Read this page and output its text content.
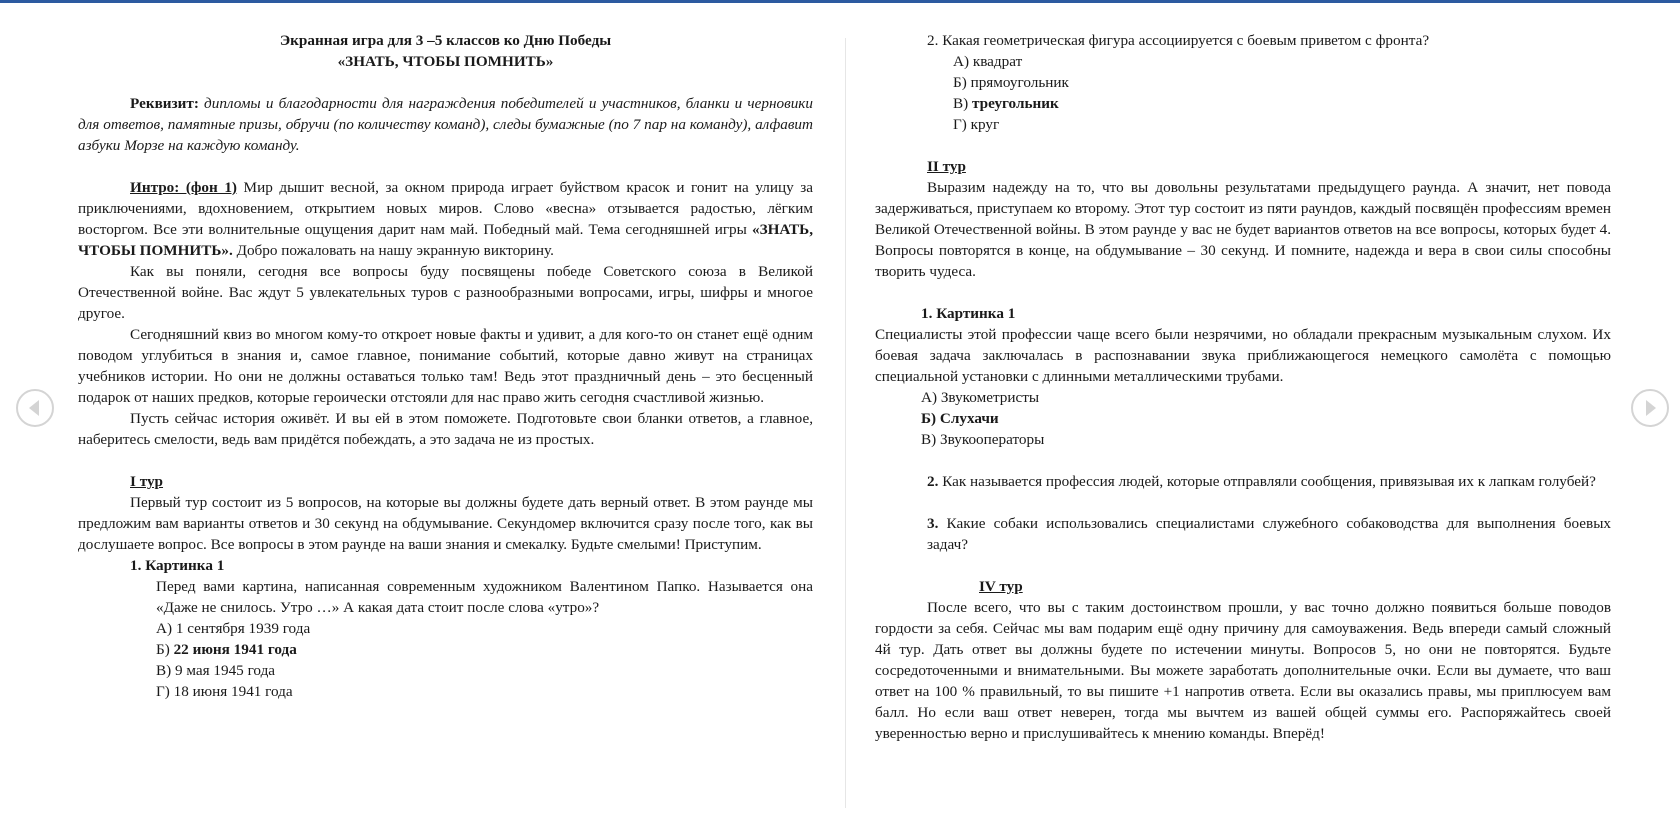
Экранная игра для 3 –5 классов ко Дню Победы

«ЗНАТЬ, ЧТОБЫ ПОМНИТЬ»

Реквизит: дипломы и благодарности для награждения победителей и участников, бланки и черновики для ответов, памятные призы, обручи (по количеству команд), следы бумажные (по 7 пар на команду), алфавит азбуки Морзе на каждую команду.

Интро: (фон 1) Мир дышит весной, за окном природа играет буйством красок и гонит на улицу за приключениями, вдохновением, открытием новых миров. Слово «весна» отзывается радостью, лёгким восторгом. Все эти волнительные ощущения дарит нам май. Победный май. Тема сегодняшней игры «ЗНАТЬ, ЧТОБЫ ПОМНИТЬ». Добро пожаловать на нашу экранную викторину.

Как вы поняли, сегодня все вопросы буду посвящены победе Советского союза в Великой Отечественной войне. Вас ждут 5 увлекательных туров с разнообразными вопросами, игры, шифры и многое другое.

Сегодняшний квиз во многом кому-то откроет новые факты и удивит, а для кого-то он станет ещё одним поводом углубиться в знания и, самое главное, понимание событий, которые давно живут на страницах учебников истории. Но они не должны оставаться только там! Ведь этот праздничный день – это бесценный подарок от наших предков, которые героически отстояли для нас право жить сегодня счастливой жизнью.

Пусть сейчас история оживёт. И вы ей в этом поможете. Подготовьте свои бланки ответов, а главное, наберитесь смелости, ведь вам придётся побеждать, а это задача не из простых.

I тур

Первый тур состоит из 5 вопросов, на которые вы должны будете дать верный ответ. В этом раунде мы предложим вам варианты ответов и 30 секунд на обдумывание. Секундомер включится сразу после того, как вы дослушаете вопрос. Все вопросы в этом раунде на ваши знания и смекалку. Будьте смелыми! Приступим.

1. Картинка 1

Перед вами картина, написанная современным художником Валентином Папко. Называется она «Даже не снилось. Утро …» А какая дата стоит после слова «утро»?

А) 1 сентября 1939 года

Б) 22 июня 1941 года

В) 9 мая 1945 года

Г) 18 июня 1941 года

2. Какая геометрическая фигура ассоциируется с боевым приветом с фронта?

А) квадрат

Б) прямоугольник

В) треугольник

Г) круг

II тур

Выразим надежду на то, что вы довольны результатами предыдущего раунда. А значит, нет повода задерживаться, приступаем ко второму. Этот тур состоит из пяти раундов, каждый посвящён профессиям времен Великой Отечественной войны. В этом раунде у вас не будет вариантов ответов на все вопросы, которых будет 4. Вопросы повторятся в конце, на обдумывание – 30 секунд. И помните, надежда и вера в свои силы способны творить чудеса.

1. Картинка 1

Специалисты этой профессии чаще всего были незрячими, но обладали прекрасным музыкальным слухом. Их боевая задача заключалась в распознавании звука приближающегося немецкого самолёта с помощью специальной установки с длинными металлическими трубами.

А) Звукометристы

Б) Слухачи

В) Звукооператоры

2. Как называется профессия людей, которые отправляли сообщения, привязывая их к лапкам голубей?

3. Какие собаки использовались специалистами служебного собаководства для выполнения боевых задач?

IV тур

После всего, что вы с таким достоинством прошли, у вас точно должно появиться больше поводов гордости за себя. Сейчас мы вам подарим ещё одну причину для самоуважения. Ведь впереди самый сложный 4й тур. Дать ответ вы должны будете по истечении минуты. Вопросов 5, но они не повторятся. Будьте сосредоточенными и внимательными. Вы можете заработать дополнительные очки. Если вы думаете, что ваш ответ на 100 % правильный, то вы пишите +1 напротив ответа. Если вы оказались правы, мы приплюсуем вам балл. Но если ваш ответ неверен, тогда мы вычтем из вашей общей суммы его. Распоряжайтесь своей уверенностью верно и прислушивайтесь к мнению команды. Вперёд!
